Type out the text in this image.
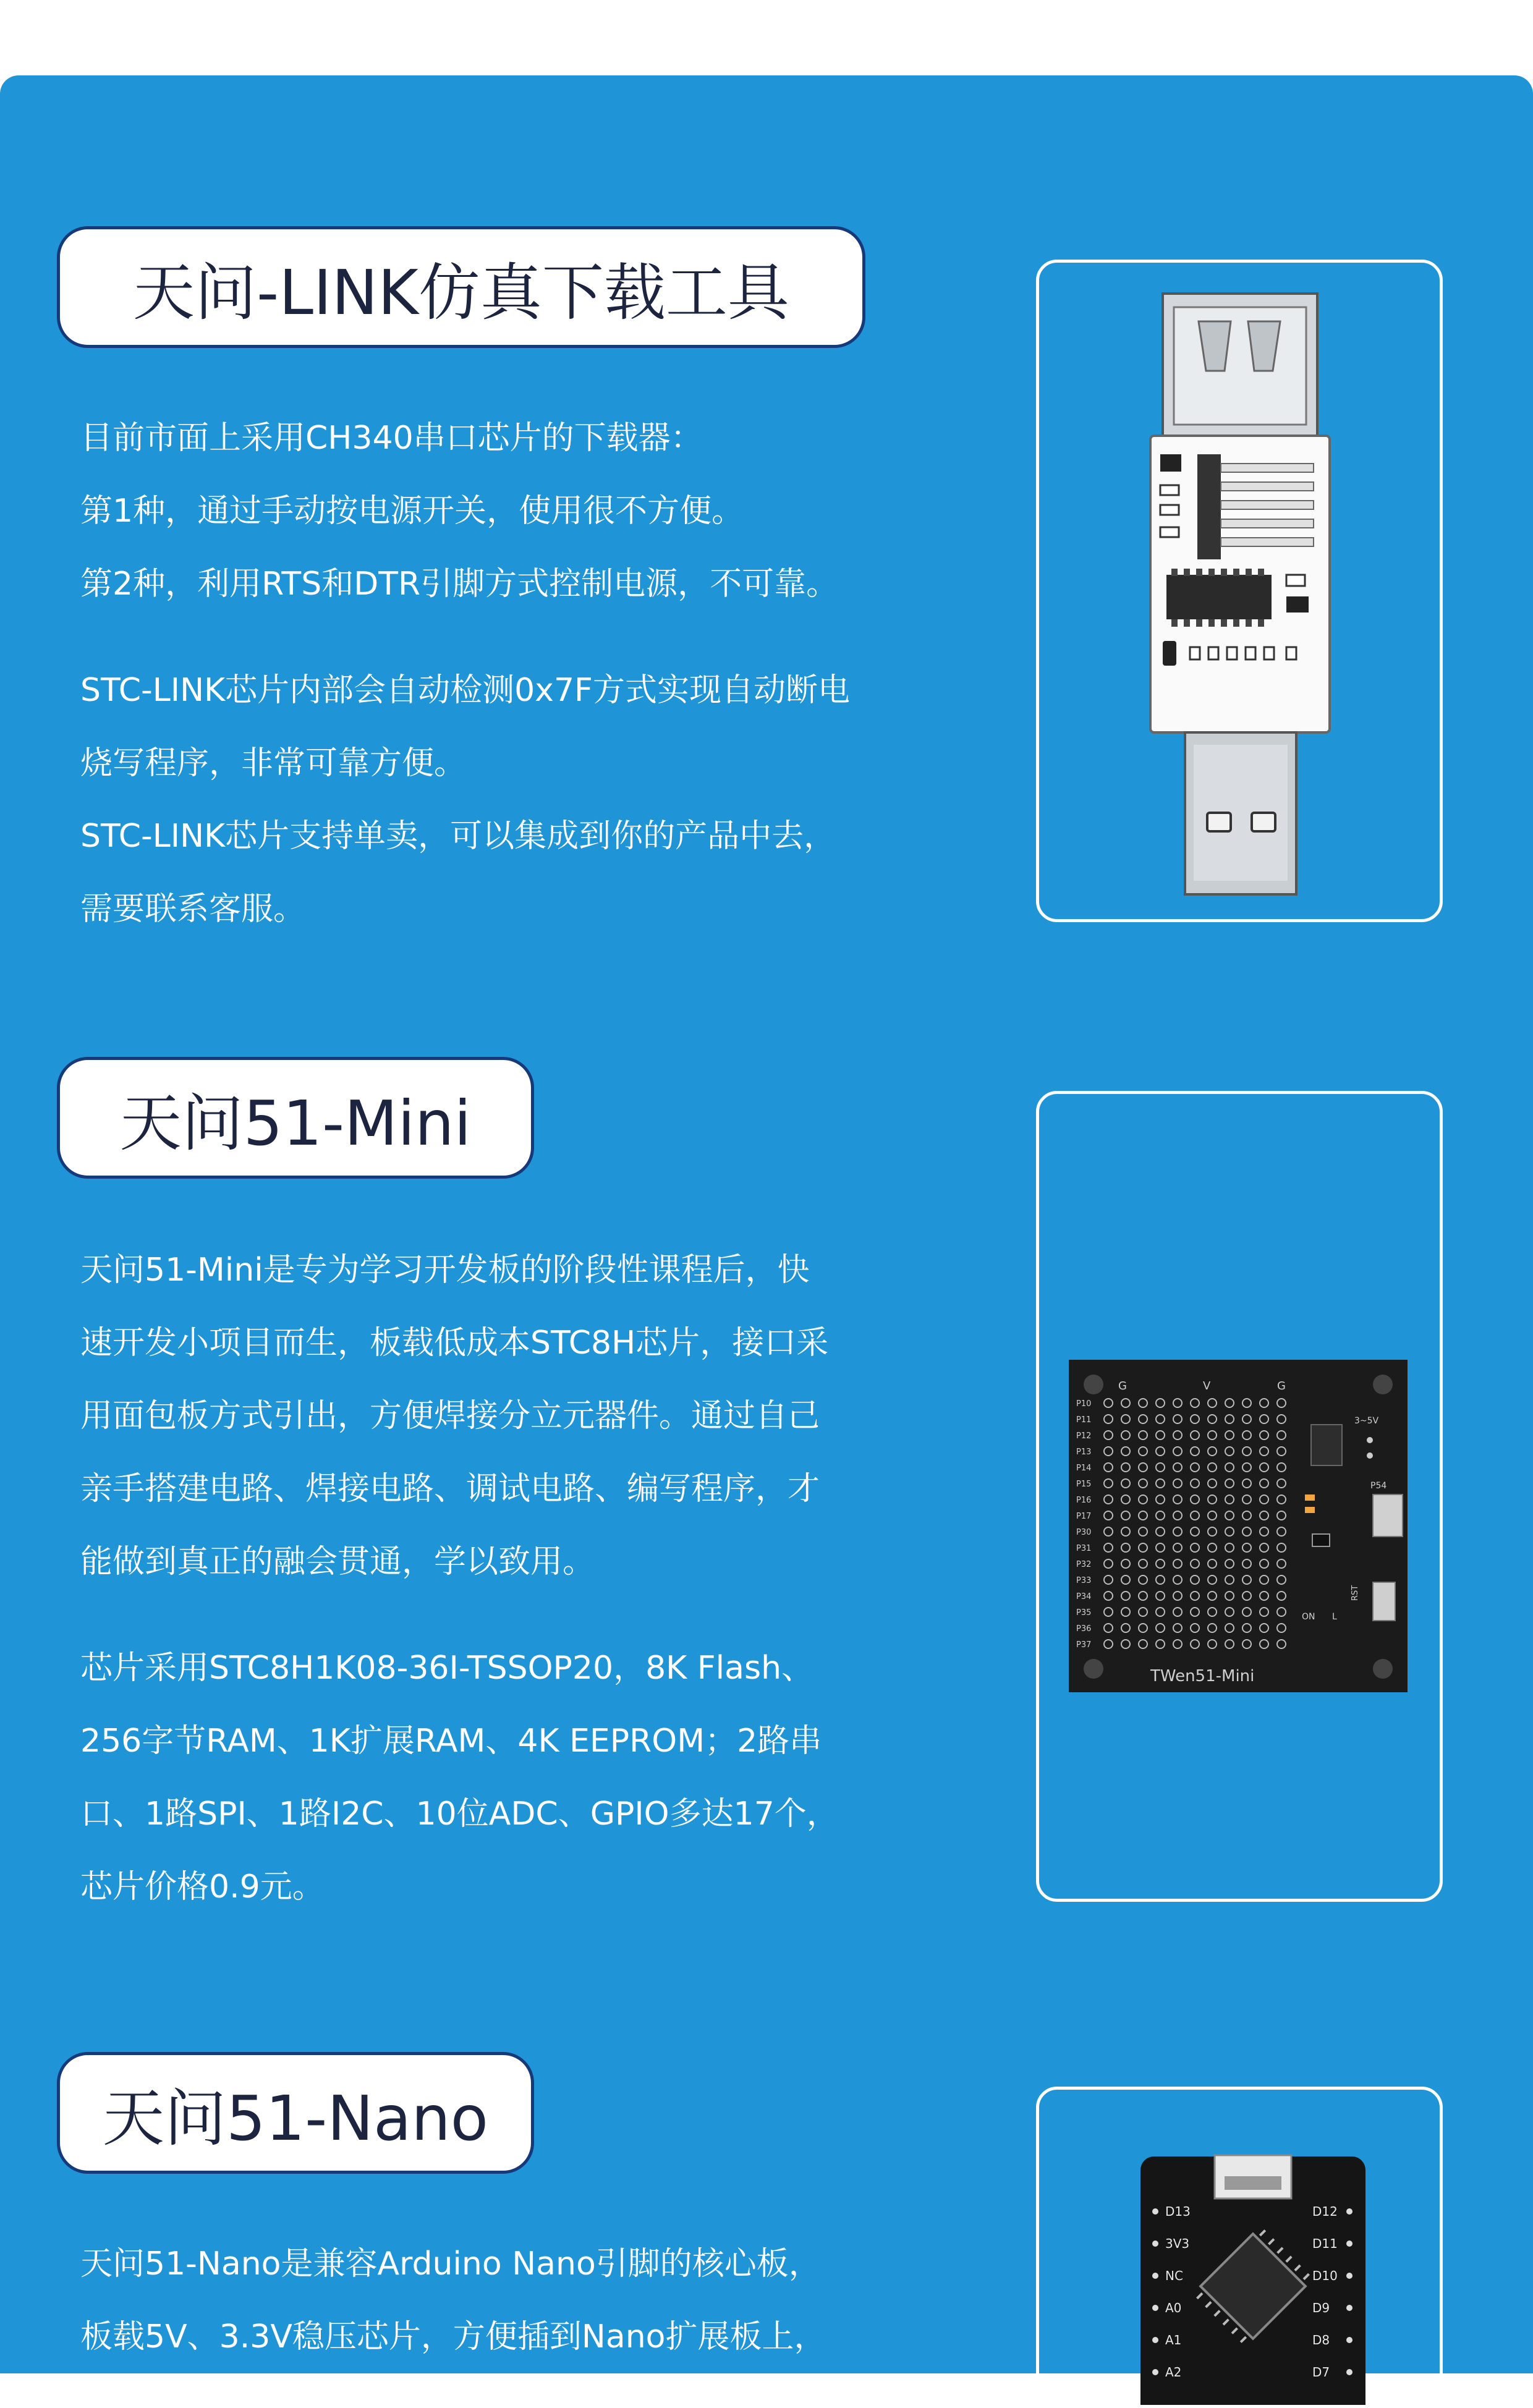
天问-LINK仿真下载工具

目前市面上采用CH340串口芯片的下载器：
第1种，通过手动按电源开关，使用很不方便。
第2种，利用RTS和DTR引脚方式控制电源，不可靠。

STC-LINK芯片内部会自动检测0x7F方式实现自动断电
烧写程序，非常可靠方便。
STC-LINK芯片支持单卖，可以集成到你的产品中去，
需要联系客服。

天问51-Mini

天问51-Mini是专为学习开发板的阶段性课程后，快
速开发小项目而生，板载低成本STC8H芯片，接口采
用面包板方式引出，方便焊接分立元器件。通过自己
亲手搭建电路、焊接电路、调试电路、编写程序，才
能做到真正的融会贯通，学以致用。

芯片采用STC8H1K08-36I-TSSOP20，8K Flash、
256字节RAM、1K扩展RAM、4K EEPROM；2路串
口、1路SPI、1路I2C、10位ADC、GPIO多达17个，
芯片价格0.9元。

G	V	G
P10
P11
P12
P13
P14
P15
P16
P17
P30
P31
P32
P33
P34
P35
P36
P37
3~5V
P54
ON L
RST
TWen51-Mini
天问51-Nano

天问51-Nano是兼容Arduino Nano引脚的核心板，
板载5V、3.3V稳压芯片，方便插到Nano扩展板上，

D13
3V3
NC
A0
A1
A2
D12
D11
D10
D9
D8
D7
